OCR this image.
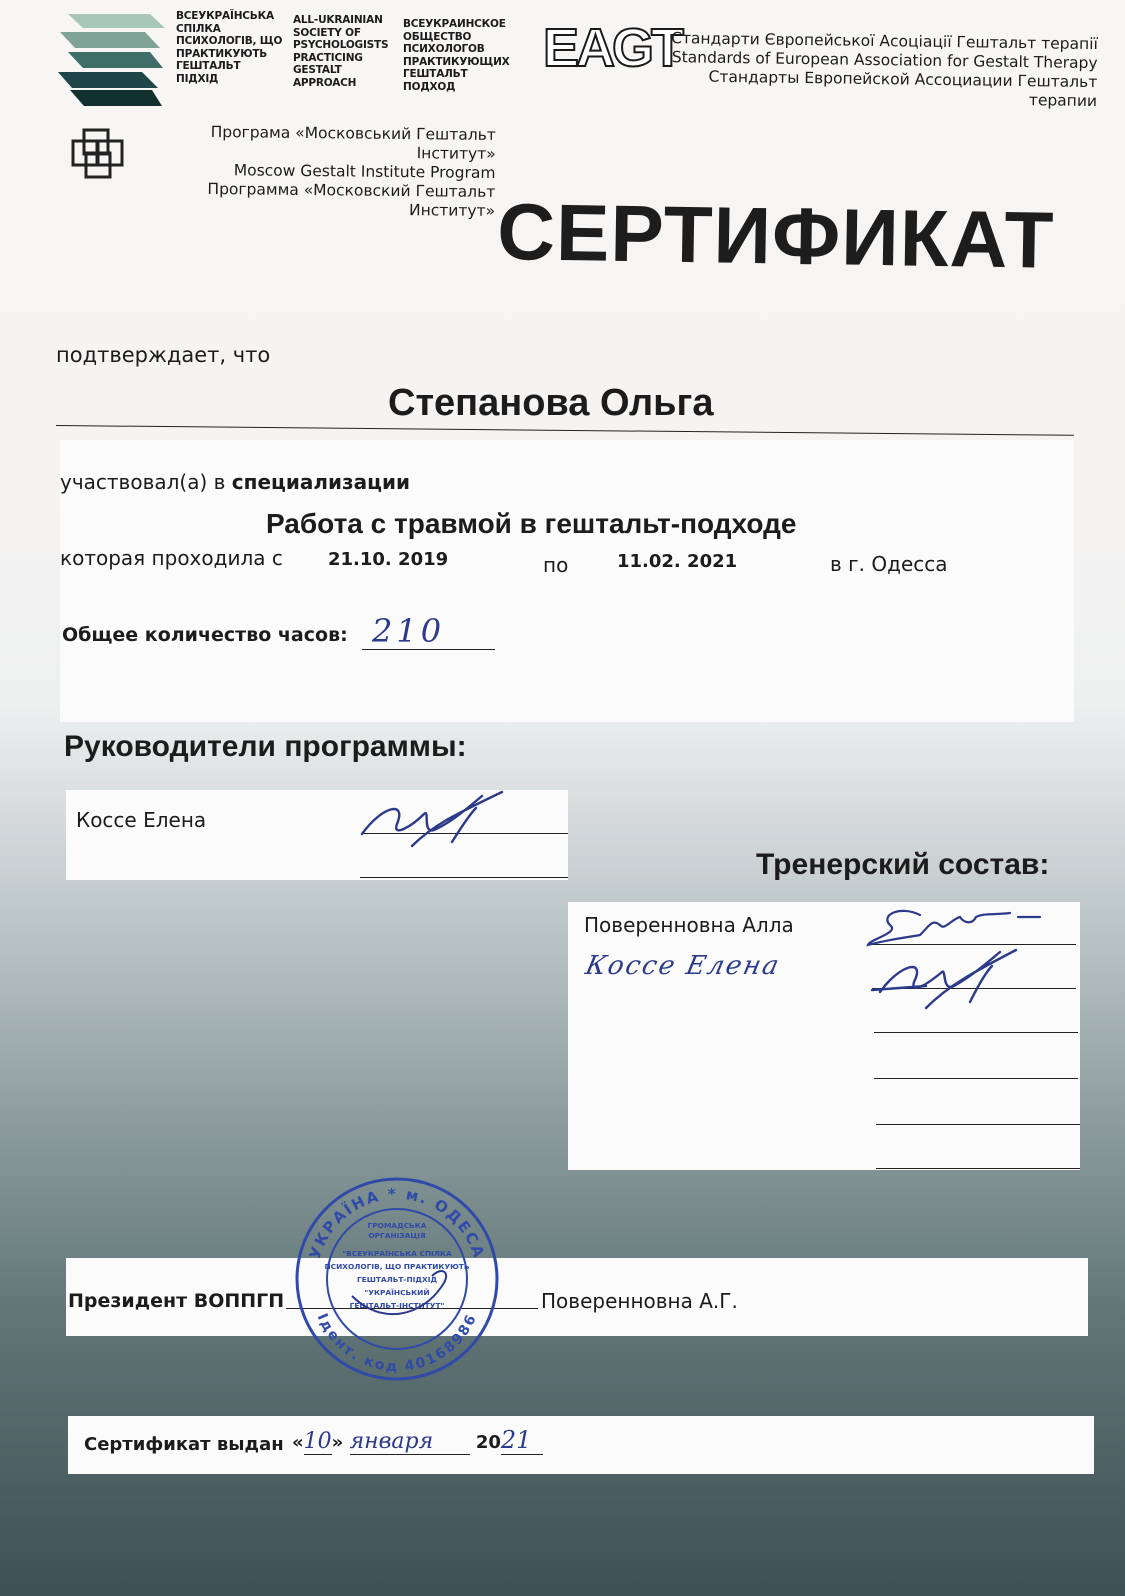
ВСЕУКРАЇНСЬКА
СПІЛКА
ПСИХОЛОГІВ, ЩО
ПРАКТИКУЮТЬ
ГЕШТАЛЬТ
ПІДХІД
ALL-UKRAINIAN
SOCIETY OF
PSYCHOLOGISTS
PRACTICING
GESTALT
APPROACH
ВСЕУКРАИНСКОЕ
ОБЩЕСТВО
ПСИХОЛОГОВ
ПРАКТИКУЮЩИХ
ГЕШТАЛЬТ
ПОДХОД
EAGT
Стандарти Європейської Асоціації Гештальт терапії
Standards of European Association for Gestalt Therapy
Стандарты Европейской Ассоциации Гештальт терапии
Програма «Московський Гештальт Інститут»
Moscow Gestalt Institute Program
Программа «Московский Гештальт Институт» СЕРТИФИКАТ
подтверждает, что
Степанова Ольга
участвовал(а) в специализации
Работа с травмой в гештальт-подходе
которая проходила с	21.10. 2019	по	11.02. 2021	в г. Одесса
Общее количество часов: 210
Руководители программы:
Коссе Елена
Тренерский состав:
Поверенновна Алла
Коссе Елена
Президент ВОППГП	Поверенновна А.Г.
УКРАЇНА * м. ОДЕСА
Ідент. код 40168986
ГРОМАДСЬКА
ОРГАНІЗАЦІЯ
"ВСЕУКРАЇНСЬКА СПІЛКА
ПСИХОЛОГІВ, ЩО ПРАКТИКУЮТЬ
ГЕШТАЛЬТ-ПІДХІД
"УКРАЇНСЬКИЙ
ГЕШТАЛЬТ-ІНСТИТУТ"
Сертификат выдан «10» января 2021
